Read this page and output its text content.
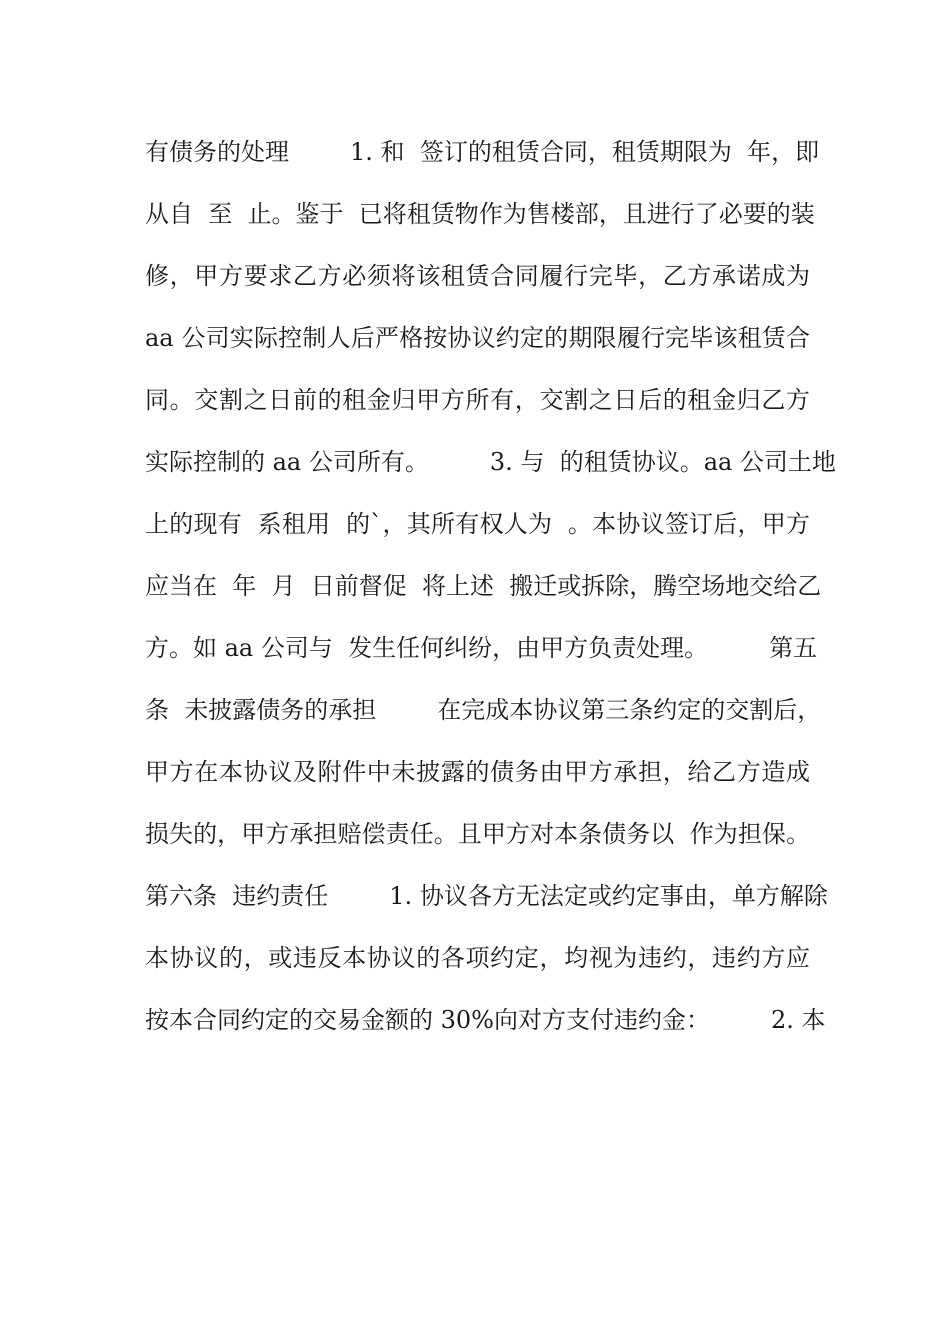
有债务的处理        1. 和  签订的租赁合同，租赁期限为  年，即
从自  至  止。鉴于  已将租赁物作为售楼部，且进行了必要的装
修，甲方要求乙方必须将该租赁合同履行完毕，乙方承诺成为
aa 公司实际控制人后严格按协议约定的期限履行完毕该租赁合
同。交割之日前的租金归甲方所有，交割之日后的租金归乙方
实际控制的 aa 公司所有。        3. 与  的租赁协议。aa 公司土地
上的现有  系租用  的`，其所有权人为  。本协议签订后，甲方
应当在  年  月  日前督促  将上述  搬迁或拆除，腾空场地交给乙
方。如 aa 公司与  发生任何纠纷，由甲方负责处理。        第五
条  未披露债务的承担        在完成本协议第三条约定的交割后，
甲方在本协议及附件中未披露的债务由甲方承担，给乙方造成
损失的，甲方承担赔偿责任。且甲方对本条债务以  作为担保。
第六条  违约责任        1. 协议各方无法定或约定事由，单方解除
本协议的，或违反本协议的各项约定，均视为违约，违约方应
按本合同约定的交易金额的 30%向对方支付违约金：        2. 本
